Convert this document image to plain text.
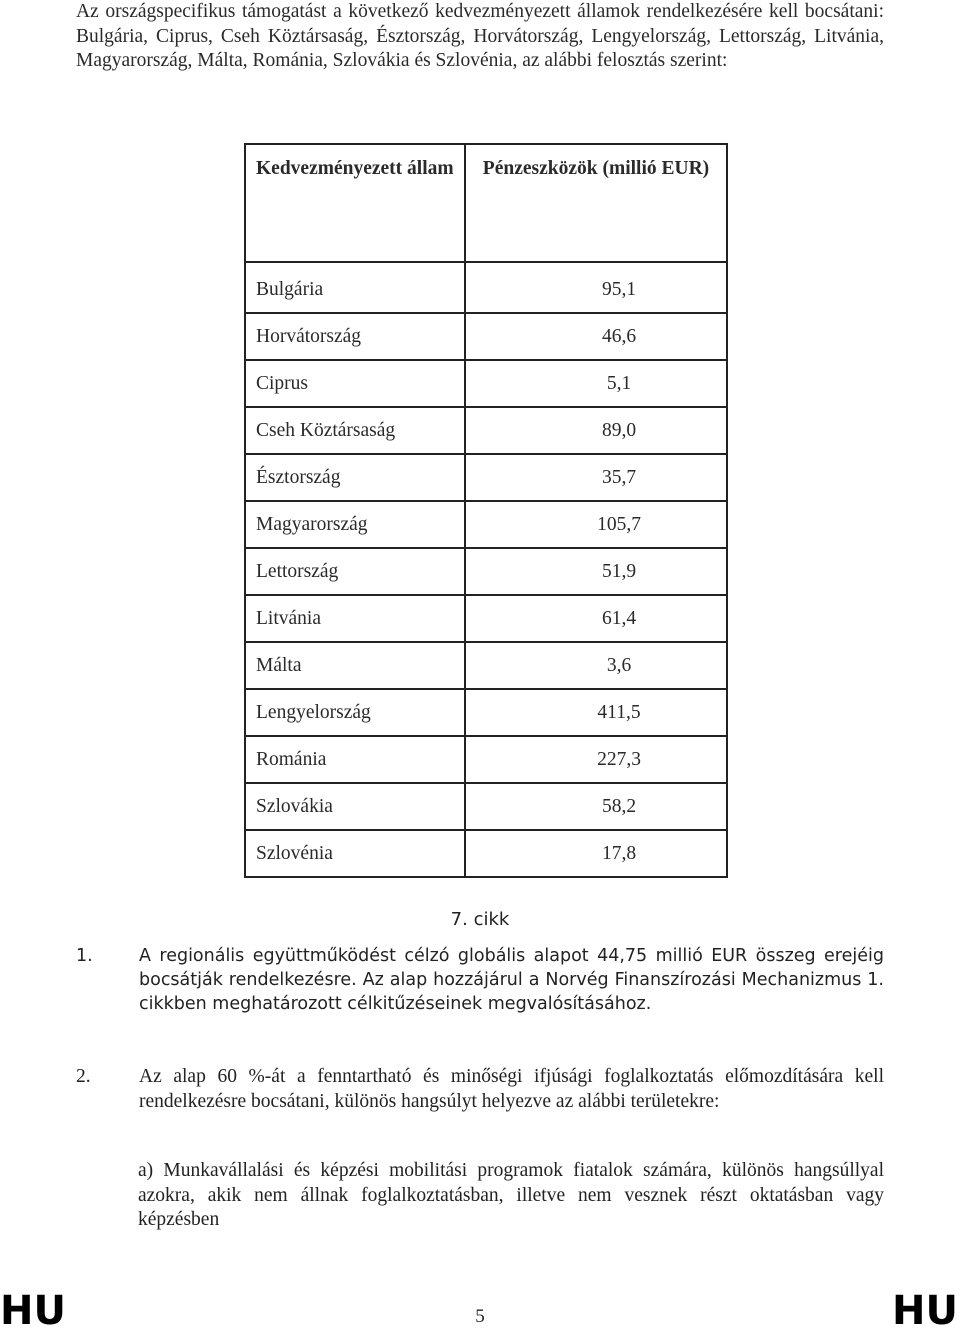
Az országspecifikus támogatást a következő kedvezményezett államok rendelkezésére kell bocsátani: Bulgária, Ciprus, Cseh Köztársaság, Észtország, Horvátország, Lengyelország, Lettország, Litvánia, Magyarország, Málta, Románia, Szlovákia és Szlovénia, az alábbi felosztás szerint:
Kedvezményezett állam	Pénzeszközök (millió EUR)
Bulgária	95,1
Horvátország	46,6
Ciprus	5,1
Cseh Köztársaság	89,0
Észtország	35,7
Magyarország	105,7
Lettország	51,9
Litvánia	61,4
Málta	3,6
Lengyelország	411,5
Románia	227,3
Szlovákia	58,2
Szlovénia	17,8
7. cikk
1.	A regionális együttműködést célzó globális alapot 44,75 millió EUR összeg erejéig bocsátják rendelkezésre. Az alap hozzájárul a Norvég Finanszírozási Mechanizmus 1. cikkben meghatározott célkitűzéseinek megvalósításához.
2. Az alap 60 %-át a fenntartható és minőségi ifjúsági foglalkoztatás előmozdítására kell rendelkezésre bocsátani, különös hangsúlyt helyezve az alábbi területekre:
a) Munkavállalási és képzési mobilitási programok fiatalok számára, különös hangsúllyal azokra, akik nem állnak foglalkoztatásban, illetve nem vesznek részt oktatásban vagy képzésben
HU	5	HU
